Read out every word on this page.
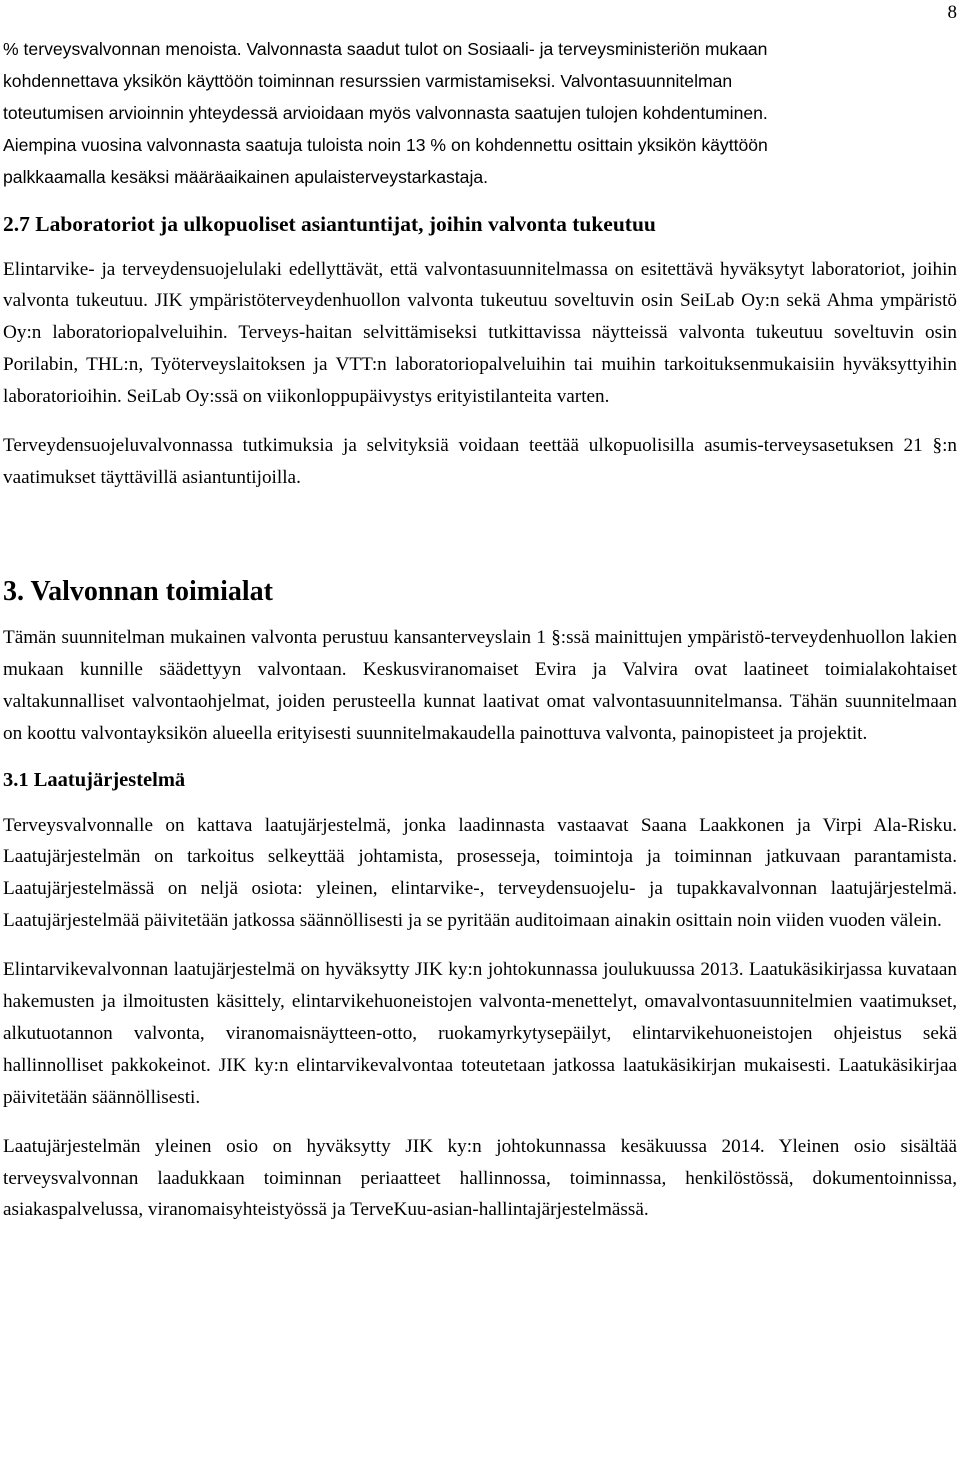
8

% terveysvalvonnan menoista. Valvonnasta saadut tulot on Sosiaali- ja terveysministeriön mukaan

kohdennettava yksikön käyttöön toiminnan resurssien varmistamiseksi. Valvontasuunnitelman

toteutumisen arvioinnin yhteydessä arvioidaan myös valvonnasta saatujen tulojen kohdentuminen.

Aiempina vuosina valvonnasta saatuja tuloista noin 13 % on kohdennettu osittain yksikön käyttöön

palkkaamalla kesäksi määräaikainen apulaisterveystarkastaja.

2.7 Laboratoriot ja ulkopuoliset asiantuntijat, joihin valvonta tukeutuu

Elintarvike- ja terveydensuojelulaki edellyttävät, että valvontasuunnitelmassa on esitettävä hyväksytyt laboratoriot, joihin valvonta tukeutuu. JIK ympäristöterveydenhuollon valvonta tukeutuu soveltuvin osin SeiLab Oy:n sekä Ahma ympäristö Oy:n laboratoriopalveluihin. Terveys-haitan selvittämiseksi tutkittavissa näytteissä valvonta tukeutuu soveltuvin osin Porilabin, THL:n, Työterveyslaitoksen ja VTT:n laboratoriopalveluihin tai muihin tarkoituksenmukaisiin hyväksyttyihin laboratorioihin. SeiLab Oy:ssä on viikonloppupäivystys erityistilanteita varten.

Terveydensuojeluvalvonnassa tutkimuksia ja selvityksiä voidaan teettää ulkopuolisilla asumis-terveysasetuksen 21 §:n vaatimukset täyttävillä asiantuntijoilla.

3. Valvonnan toimialat

Tämän suunnitelman mukainen valvonta perustuu kansanterveyslain 1 §:ssä mainittujen ympäristö-terveydenhuollon lakien mukaan kunnille säädettyyn valvontaan. Keskusviranomaiset Evira ja Valvira ovat laatineet toimialakohtaiset valtakunnalliset valvontaohjelmat, joiden perusteella kunnat laativat omat valvontasuunnitelmansa. Tähän suunnitelmaan on koottu valvontayksikön alueella erityisesti suunnitelmakaudella painottuva valvonta, painopisteet ja projektit.

3.1 Laatujärjestelmä

Terveysvalvonnalle on kattava laatujärjestelmä, jonka laadinnasta vastaavat Saana Laakkonen ja Virpi Ala-Risku. Laatujärjestelmän on tarkoitus selkeyttää johtamista, prosesseja, toimintoja ja toiminnan jatkuvaan parantamista. Laatujärjestelmässä on neljä osiota: yleinen, elintarvike-, terveydensuojelu- ja tupakkavalvonnan laatujärjestelmä. Laatujärjestelmää päivitetään jatkossa säännöllisesti ja se pyritään auditoimaan ainakin osittain noin viiden vuoden välein.

Elintarvikevalvonnan laatujärjestelmä on hyväksytty JIK ky:n johtokunnassa joulukuussa 2013. Laatukäsikirjassa kuvataan hakemusten ja ilmoitusten käsittely, elintarvikehuoneistojen valvonta-menettelyt, omavalvontasuunnitelmien vaatimukset, alkutuotannon valvonta, viranomaisnäytteen-otto, ruokamyrkytysepäilyt, elintarvikehuoneistojen ohjeistus sekä hallinnolliset pakkokeinot. JIK ky:n elintarvikevalvontaa toteutetaan jatkossa laatukäsikirjan mukaisesti. Laatukäsikirjaa päivitetään säännöllisesti.

Laatujärjestelmän yleinen osio on hyväksytty JIK ky:n johtokunnassa kesäkuussa 2014. Yleinen osio sisältää terveysvalvonnan laadukkaan toiminnan periaatteet hallinnossa, toiminnassa, henkilöstössä, dokumentoinnissa, asiakaspalvelussa, viranomaisyhteistyössä ja TerveKuu-asian-hallintajärjestelmässä.
